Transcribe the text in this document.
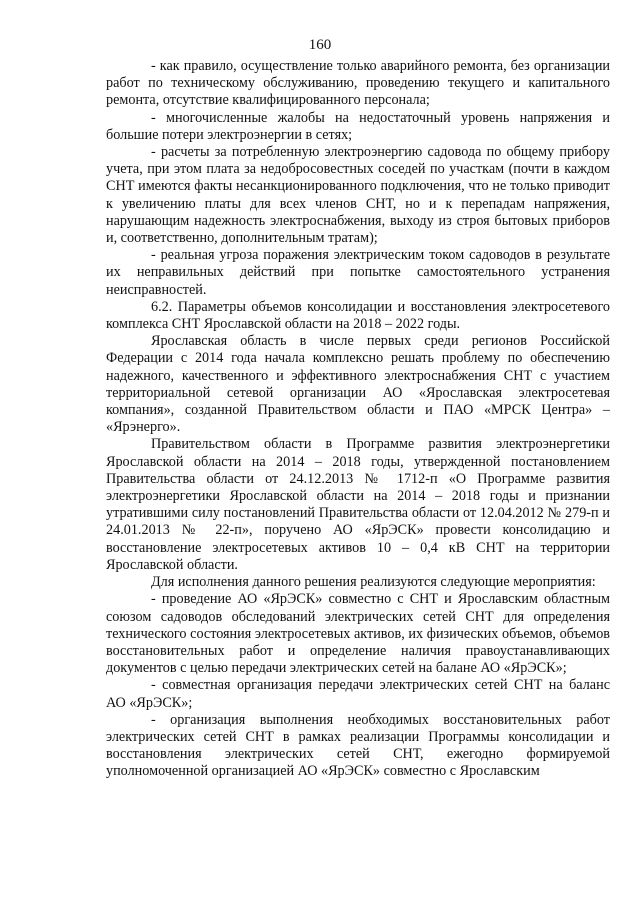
160

- как правило, осуществление только аварийного ремонта, без организации работ по техническому обслуживанию, проведению текущего и капитального ремонта, отсутствие квалифицированного персонала;

- многочисленные жалобы на недостаточный уровень напряжения и большие потери электроэнергии в сетях;

- расчеты за потребленную электроэнергию садовода по общему прибору учета, при этом плата за недобросовестных соседей по участкам (почти в каждом СНТ имеются факты несанкционированного подключения, что не только приводит к увеличению платы для всех членов СНТ, но и к перепадам напряжения, нарушающим надежность электроснабжения, выходу из строя бытовых приборов и, соответственно, дополнительным тратам);

- реальная угроза поражения электрическим током садоводов в результате их неправильных действий при попытке самостоятельного устранения неисправностей.

6.2. Параметры объемов консолидации и восстановления электросетевого комплекса СНТ Ярославской области на 2018 – 2022 годы.

Ярославская область в числе первых среди регионов Российской Федерации с 2014 года начала комплексно решать проблему по обеспечению надежного, качественного и эффективного электроснабжения СНТ с участием территориальной сетевой организации АО «Ярославская электросетевая компания», созданной Правительством области и ПАО «МРСК Центра» – «Ярэнерго».

Правительством области в Программе развития электроэнергетики Ярославской области на 2014 – 2018 годы, утвержденной постановлением Правительства области от 24.12.2013 № 1712-п «О Программе развития электроэнергетики Ярославской области на 2014 – 2018 годы и признании утратившими силу постановлений Правительства области от 12.04.2012 № 279-п и 24.01.2013 № 22-п», поручено АО «ЯрЭСК» провести консолидацию и восстановление электросетевых активов 10 – 0,4 кВ СНТ на территории Ярославской области.

Для исполнения данного решения реализуются следующие мероприятия:

- проведение АО «ЯрЭСК» совместно с СНТ и Ярославским областным союзом садоводов обследований электрических сетей СНТ для определения технического состояния электросетевых активов, их физических объемов, объемов восстановительных работ и определение наличия правоустанавливающих документов с целью передачи электрических сетей на балане АО «ЯрЭСК»;

- совместная организация передачи электрических сетей СНТ на баланс АО «ЯрЭСК»;

- организация выполнения необходимых восстановительных работ электрических сетей СНТ в рамках реализации Программы консолидации и восстановления электрических сетей СНТ, ежегодно формируемой уполномоченной организацией АО «ЯрЭСК» совместно с Ярославским
